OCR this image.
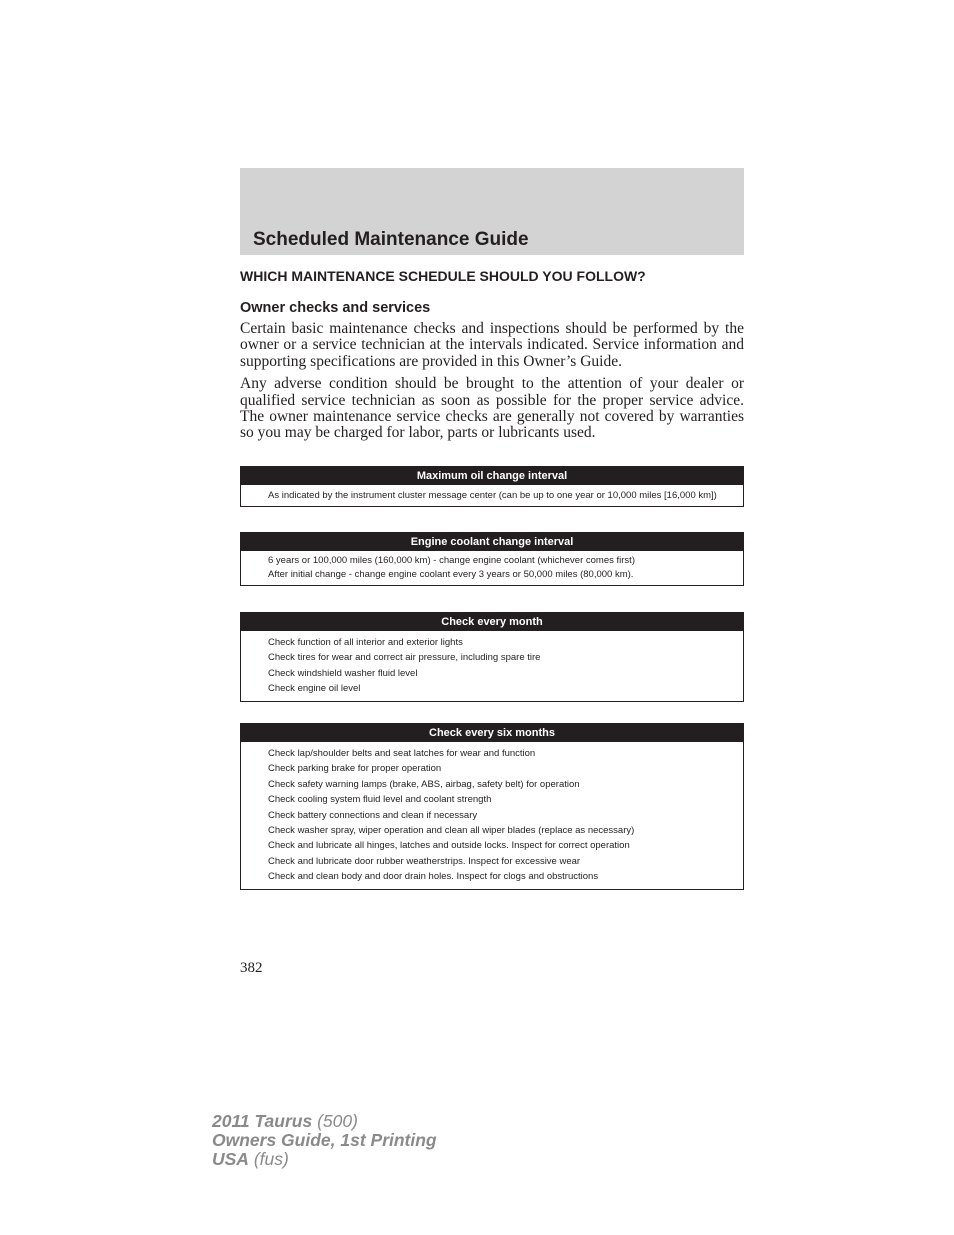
Scheduled Maintenance Guide
WHICH MAINTENANCE SCHEDULE SHOULD YOU FOLLOW?
Owner checks and services

Certain basic maintenance checks and inspections should be performed by the owner or a service technician at the intervals indicated. Service information and supporting specifications are provided in this Owner’s Guide.

Any adverse condition should be brought to the attention of your dealer or qualified service technician as soon as possible for the proper service advice. The owner maintenance service checks are generally not covered by warranties so you may be charged for labor, parts or lubricants used.

Maximum oil change interval
As indicated by the instrument cluster message center (can be up to one year or 10,000 miles [16,000 km])
Engine coolant change interval
6 years or 100,000 miles (160,000 km) - change engine coolant (whichever comes first)
After initial change - change engine coolant every 3 years or 50,000 miles (80,000 km).
Check every month
Check function of all interior and exterior lights
Check tires for wear and correct air pressure, including spare tire
Check windshield washer fluid level
Check engine oil level
Check every six months
Check lap/shoulder belts and seat latches for wear and function
Check parking brake for proper operation
Check safety warning lamps (brake, ABS, airbag, safety belt) for operation
Check cooling system fluid level and coolant strength
Check battery connections and clean if necessary
Check washer spray, wiper operation and clean all wiper blades (replace as necessary)
Check and lubricate all hinges, latches and outside locks. Inspect for correct operation
Check and lubricate door rubber weatherstrips. Inspect for excessive wear
Check and clean body and door drain holes. Inspect for clogs and obstructions
382
2011 Taurus (500)
Owners Guide, 1st Printing
USA (fus)
